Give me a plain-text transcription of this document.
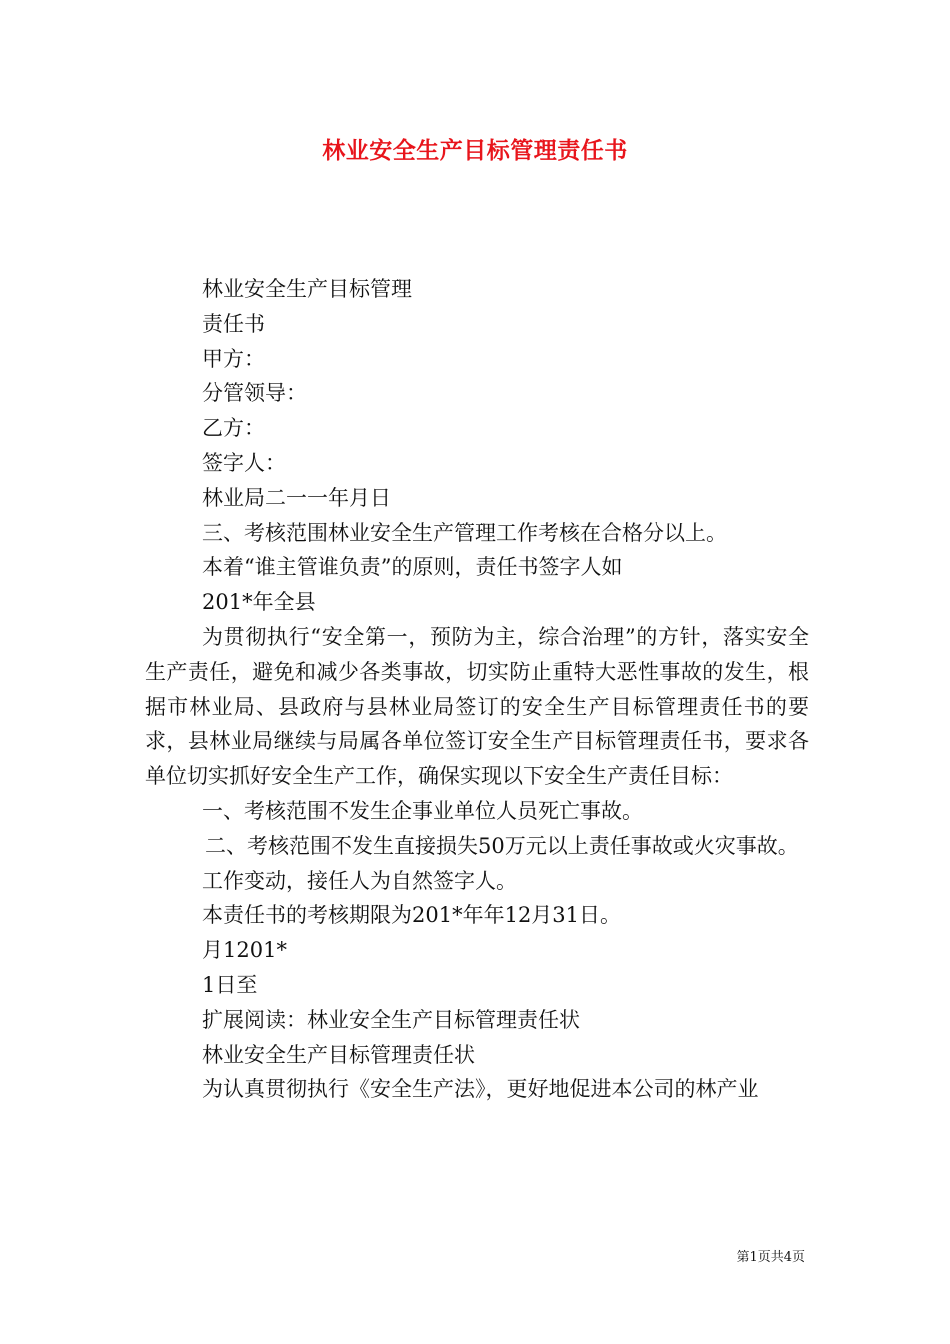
林业安全生产目标管理责任书

林业安全生产目标管理

责任书

甲方：

分管领导：

乙方：

签字人：

林业局二一一年月日

三、考核范围林业安全生产管理工作考核在合格分以上。

本着“谁主管谁负责”的原则，责任书签字人如

201*年全县

为贯彻执行“安全第一，预防为主，综合治理”的方针，落实安全生产责任，避免和减少各类事故，切实防止重特大恶性事故的发生，根据市林业局、县政府与县林业局签订的安全生产目标管理责任书的要求，县林业局继续与局属各单位签订安全生产目标管理责任书，要求各单位切实抓好安全生产工作，确保实现以下安全生产责任目标：

一、考核范围不发生企事业单位人员死亡事故。

二、考核范围不发生直接损失50万元以上责任事故或火灾事故。

工作变动，接任人为自然签字人。

本责任书的考核期限为201*年年12月31日。

月1201*

1日至

扩展阅读：林业安全生产目标管理责任状

林业安全生产目标管理责任状

为认真贯彻执行《安全生产法》，更好地促进本公司的林产业

第1页共4页
